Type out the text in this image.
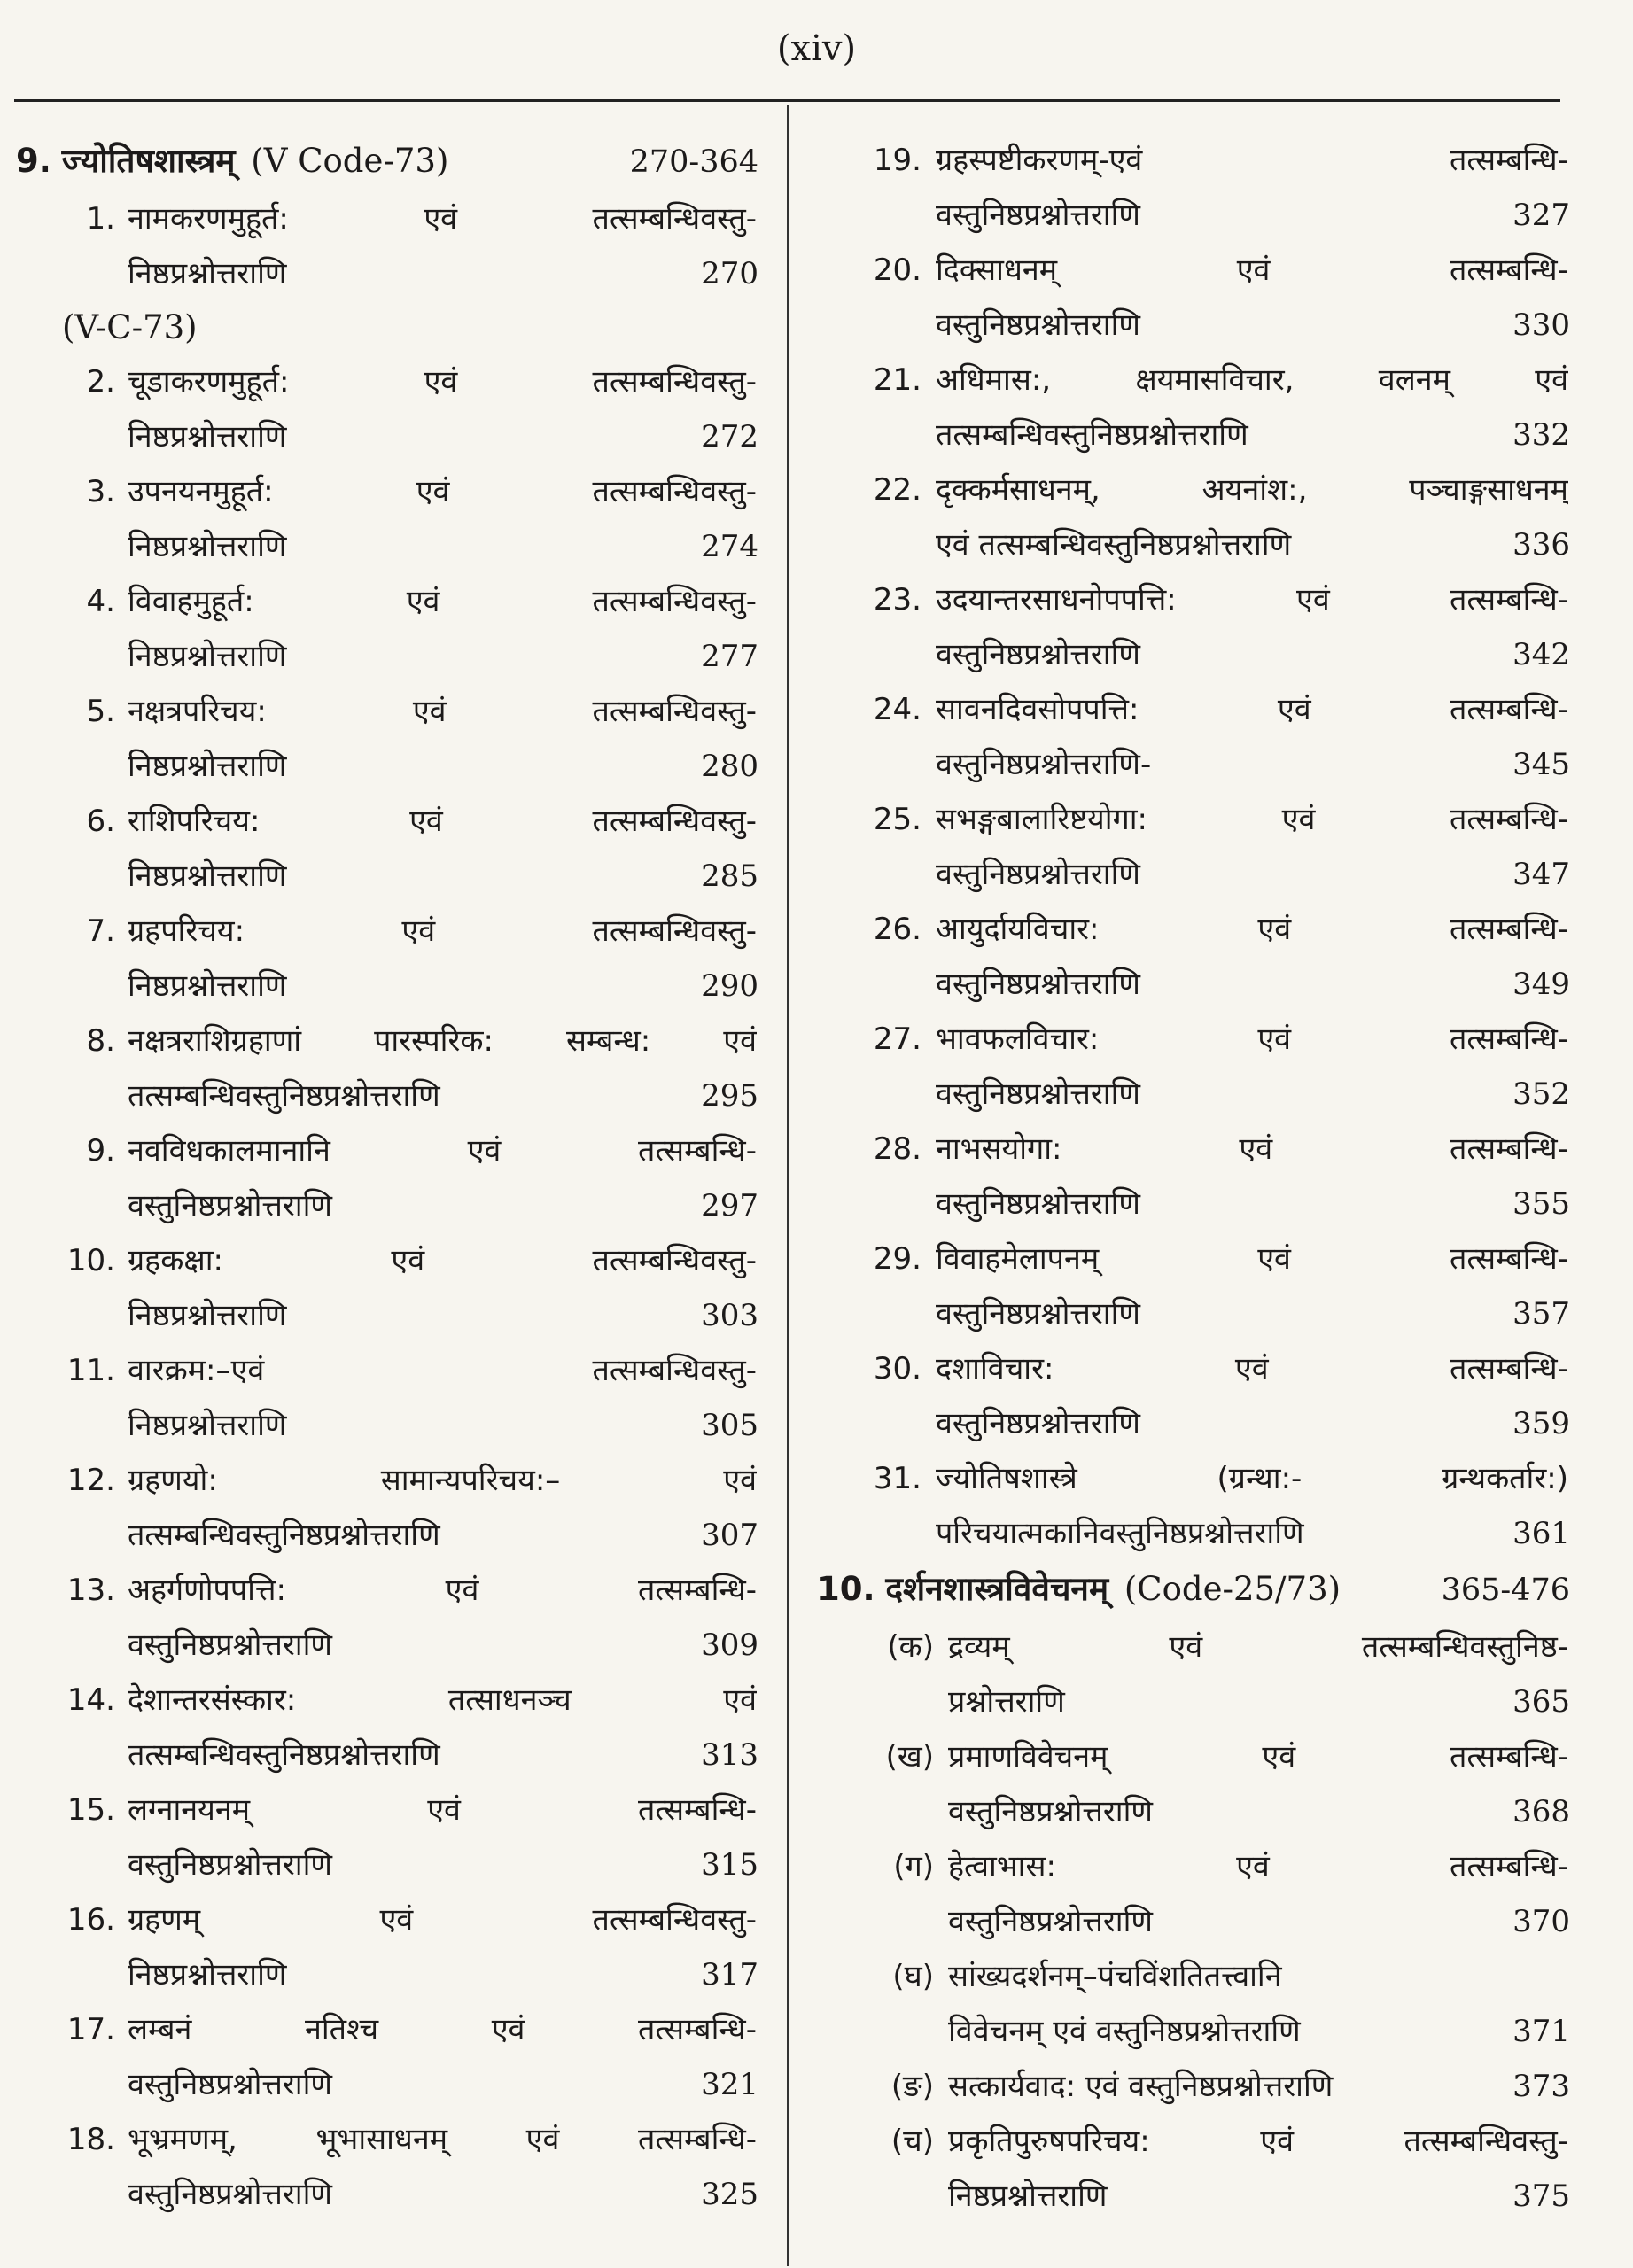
(xiv)
9. ज्योतिषशास्त्रम् (V Code-73)	270-364
1. नामकरणमुहूर्त: एवं तत्सम्बन्धिवस्तु-
निष्ठप्रश्नोत्तराणि	270
(V-C-73)
2. चूडाकरणमुहूर्त: एवं तत्सम्बन्धिवस्तु-
निष्ठप्रश्नोत्तराणि	272
3. उपनयनमुहूर्त: एवं तत्सम्बन्धिवस्तु-
निष्ठप्रश्नोत्तराणि	274
4. विवाहमुहूर्त: एवं तत्सम्बन्धिवस्तु-
निष्ठप्रश्नोत्तराणि	277
5. नक्षत्रपरिचय: एवं तत्सम्बन्धिवस्तु-
निष्ठप्रश्नोत्तराणि	280
6. राशिपरिचय: एवं तत्सम्बन्धिवस्तु-
निष्ठप्रश्नोत्तराणि	285
7. ग्रहपरिचय: एवं तत्सम्बन्धिवस्तु-
निष्ठप्रश्नोत्तराणि	290
8. नक्षत्रराशिग्रहाणां पारस्परिक: सम्बन्ध: एवं
तत्सम्बन्धिवस्तुनिष्ठप्रश्नोत्तराणि	295
9. नवविधकालमानानि एवं तत्सम्बन्धि-
वस्तुनिष्ठप्रश्नोत्तराणि	297
10. ग्रहकक्षा: एवं तत्सम्बन्धिवस्तु-
निष्ठप्रश्नोत्तराणि	303
11. वारक्रम:–एवं तत्सम्बन्धिवस्तु-
निष्ठप्रश्नोत्तराणि	305
12. ग्रहणयो: सामान्यपरिचय:– एवं
तत्सम्बन्धिवस्तुनिष्ठप्रश्नोत्तराणि	307
13. अहर्गणोपपत्ति: एवं तत्सम्बन्धि-
वस्तुनिष्ठप्रश्नोत्तराणि	309
14. देशान्तरसंस्कार: तत्साधनञ्च एवं
तत्सम्बन्धिवस्तुनिष्ठप्रश्नोत्तराणि	313
15. लग्नानयनम् एवं तत्सम्बन्धि-
वस्तुनिष्ठप्रश्नोत्तराणि	315
16. ग्रहणम् एवं तत्सम्बन्धिवस्तु-
निष्ठप्रश्नोत्तराणि	317
17. लम्बनं नतिश्च एवं तत्सम्बन्धि-
वस्तुनिष्ठप्रश्नोत्तराणि	321
18. भूभ्रमणम्, भूभासाधनम् एवं तत्सम्बन्धि-
वस्तुनिष्ठप्रश्नोत्तराणि	325
19. ग्रहस्पष्टीकरणम्-एवं तत्सम्बन्धि-
वस्तुनिष्ठप्रश्नोत्तराणि	327
20. दिक्साधनम् एवं तत्सम्बन्धि-
वस्तुनिष्ठप्रश्नोत्तराणि	330
21. अधिमास:, क्षयमासविचार, वलनम् एवं
तत्सम्बन्धिवस्तुनिष्ठप्रश्नोत्तराणि	332
22. दृक्कर्मसाधनम्, अयनांश:, पञ्चाङ्गसाधनम्
एवं तत्सम्बन्धिवस्तुनिष्ठप्रश्नोत्तराणि	336
23. उदयान्तरसाधनोपपत्ति: एवं तत्सम्बन्धि-
वस्तुनिष्ठप्रश्नोत्तराणि	342
24. सावनदिवसोपपत्ति: एवं तत्सम्बन्धि-
वस्तुनिष्ठप्रश्नोत्तराणि-	345
25. सभङ्गबालारिष्टयोगा: एवं तत्सम्बन्धि-
वस्तुनिष्ठप्रश्नोत्तराणि	347
26. आयुर्दायविचार: एवं तत्सम्बन्धि-
वस्तुनिष्ठप्रश्नोत्तराणि	349
27. भावफलविचार: एवं तत्सम्बन्धि-
वस्तुनिष्ठप्रश्नोत्तराणि	352
28. नाभसयोगा: एवं तत्सम्बन्धि-
वस्तुनिष्ठप्रश्नोत्तराणि	355
29. विवाहमेलापनम् एवं तत्सम्बन्धि-
वस्तुनिष्ठप्रश्नोत्तराणि	357
30. दशाविचार: एवं तत्सम्बन्धि-
वस्तुनिष्ठप्रश्नोत्तराणि	359
31. ज्योतिषशास्त्रे (ग्रन्था:- ग्रन्थकर्तार:)
परिचयात्मकानिवस्तुनिष्ठप्रश्नोत्तराणि	361
10. दर्शनशास्त्रविवेचनम् (Code-25/73)	365-476
(क) द्रव्यम् एवं तत्सम्बन्धिवस्तुनिष्ठ-
प्रश्नोत्तराणि	365
(ख) प्रमाणविवेचनम् एवं तत्सम्बन्धि-
वस्तुनिष्ठप्रश्नोत्तराणि	368
(ग) हेत्वाभास: एवं तत्सम्बन्धि-
वस्तुनिष्ठप्रश्नोत्तराणि	370
(घ) सांख्यदर्शनम्–पंचविंशतितत्त्वानि
विवेचनम् एवं वस्तुनिष्ठप्रश्नोत्तराणि	371
(ङ) सत्कार्यवाद: एवं वस्तुनिष्ठप्रश्नोत्तराणि	373
(च) प्रकृतिपुरुषपरिचय: एवं तत्सम्बन्धिवस्तु-
निष्ठप्रश्नोत्तराणि	375
